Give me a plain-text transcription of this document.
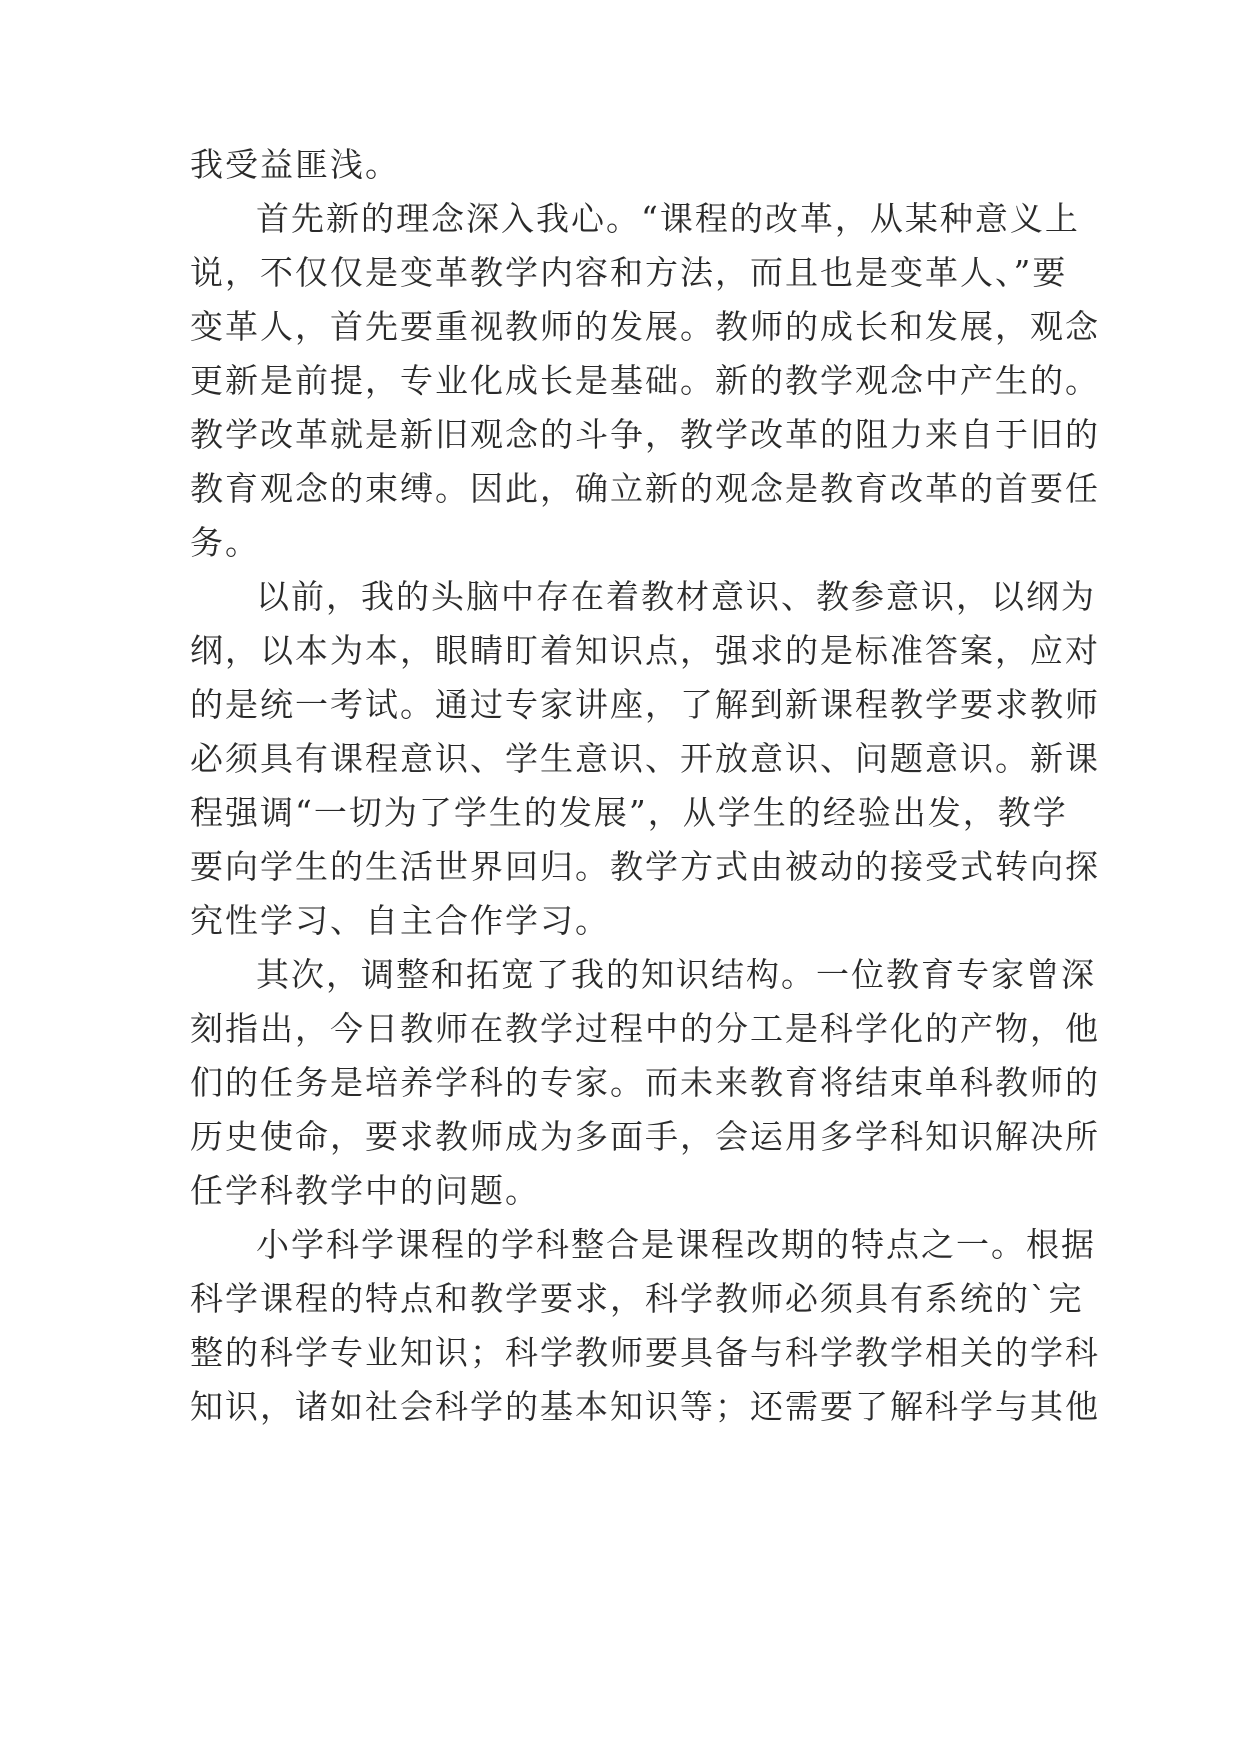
我受益匪浅。
首先新的理念深入我心。“课程的改革，从某种意义上
说，不仅仅是变革教学内容和方法，而且也是变革人、”要
变革人，首先要重视教师的发展。教师的成长和发展，观念
更新是前提，专业化成长是基础。新的教学观念中产生的。
教学改革就是新旧观念的斗争，教学改革的阻力来自于旧的
教育观念的束缚。因此，确立新的观念是教育改革的首要任
务。
以前，我的头脑中存在着教材意识、教参意识，以纲为
纲，以本为本，眼睛盯着知识点，强求的是标准答案，应对
的是统一考试。通过专家讲座，了解到新课程教学要求教师
必须具有课程意识、学生意识、开放意识、问题意识。新课
程强调“一切为了学生的发展”，从学生的经验出发，教学
要向学生的生活世界回归。教学方式由被动的接受式转向探
究性学习、自主合作学习。
其次，调整和拓宽了我的知识结构。一位教育专家曾深
刻指出，今日教师在教学过程中的分工是科学化的产物，他
们的任务是培养学科的专家。而未来教育将结束单科教师的
历史使命，要求教师成为多面手，会运用多学科知识解决所
任学科教学中的问题。
小学科学课程的学科整合是课程改期的特点之一。根据
科学课程的特点和教学要求，科学教师必须具有系统的`完
整的科学专业知识；科学教师要具备与科学教学相关的学科
知识，诸如社会科学的基本知识等；还需要了解科学与其他
